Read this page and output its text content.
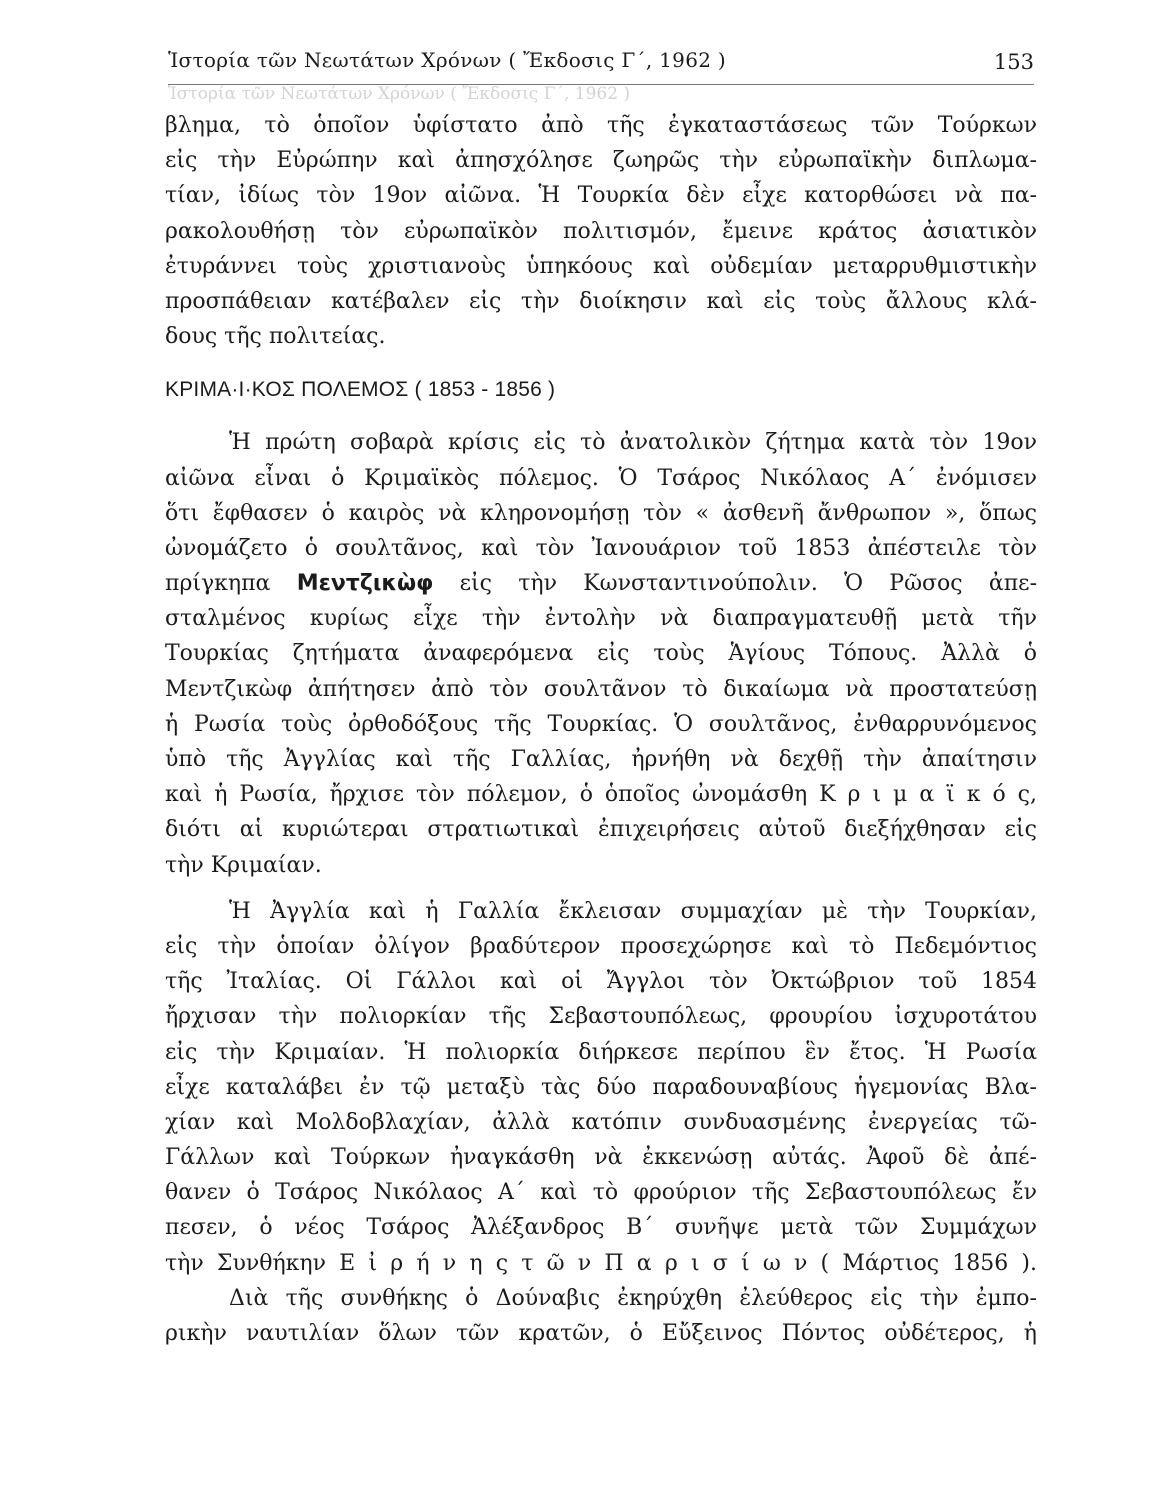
Ἱστορία τῶν Νεωτάτων Χρόνων ( Ἔκδοσις Γ΄, 1962 )	153
Ἱστορία τῶν Νεωτάτων Χρόνων ( Ἔκδοσις Γ΄, 1962 )
βλημα, τὸ ὁποῖον ὑφίστατο ἀπὸ τῆς ἐγκαταστάσεως τῶν Τούρκων
εἰς τὴν Εὐρώπην καὶ ἀπησχόλησε ζωηρῶς τὴν εὐρωπαϊκὴν διπλωμα-
τίαν, ἰδίως τὸν 19ον αἰῶνα. Ἡ Τουρκία δὲν εἶχε κατορθώσει νὰ πα-
ρακολουθήσῃ τὸν εὐρωπαϊκὸν πολιτισμόν, ἔμεινε κράτος ἀσιατικὸν
ἐτυράννει τοὺς χριστιανοὺς ὑπηκόους καὶ οὐδεμίαν μεταρρυθμιστικὴν
προσπάθειαν κατέβαλεν εἰς τὴν διοίκησιν καὶ εἰς τοὺς ἄλλους κλά-
δους τῆς πολιτείας.
ΚΡΙΜΑ·Ι·ΚΟΣ ΠΟΛΕΜΟΣ ( 1853 - 1856 )
Ἡ πρώτη σοβαρὰ κρίσις εἰς τὸ ἀνατολικὸν ζήτημα κατὰ τὸν 19ον
αἰῶνα εἶναι ὁ Κριμαϊκὸς πόλεμος. Ὁ Τσάρος Νικόλαος Α΄ ἐνόμισεν
ὅτι ἔφθασεν ὁ καιρὸς νὰ κληρονομήσῃ τὸν « ἀσθενῆ ἄνθρωπον », ὅπως
ὠνομάζετο ὁ σουλτᾶνος, καὶ τὸν Ἰανουάριον τοῦ 1853 ἀπέστειλε τὸν
πρίγκηπα Μεντζικὼφ εἰς τὴν Κωνσταντινούπολιν. Ὁ Ρῶσος ἀπε-
σταλμένος κυρίως εἶχε τὴν ἐντολὴν νὰ διαπραγματευθῇ μετὰ τῆν
Τουρκίας ζητήματα ἀναφερόμενα εἰς τοὺς Ἁγίους Τόπους. Ἀλλὰ ὁ
Μεντζικὼφ ἀπήτησεν ἀπὸ τὸν σουλτᾶνον τὸ δικαίωμα νὰ προστατεύσῃ
ἡ Ρωσία τοὺς ὀρθοδόξους τῆς Τουρκίας. Ὁ σουλτᾶνος, ἐνθαρρυνόμενος
ὑπὸ τῆς Ἀγγλίας καὶ τῆς Γαλλίας, ἠρνήθη νὰ δεχθῇ τὴν ἀπαίτησιν
καὶ ἡ Ρωσία, ἤρχισε τὸν πόλεμον, ὁ ὁποῖος ὠνομάσθη Κ ρ ι μ α ϊ κ ό ς,
διότι αἱ κυριώτεραι στρατιωτικαὶ ἐπιχειρήσεις αὐτοῦ διεξήχθησαν εἰς
τὴν Κριμαίαν.
Ἡ Ἀγγλία καὶ ἡ Γαλλία ἔκλεισαν συμμαχίαν μὲ τὴν Τουρκίαν,
εἰς τὴν ὁποίαν ὀλίγον βραδύτερον προσεχώρησε καὶ τὸ Πεδεμόντιος
τῆς Ἰταλίας. Οἱ Γάλλοι καὶ οἱ Ἄγγλοι τὸν Ὀκτώβριον τοῦ 1854
ἤρχισαν τὴν πολιορκίαν τῆς Σεβαστουπόλεως, φρουρίου ἰσχυροτάτου
εἰς τὴν Κριμαίαν. Ἡ πολιορκία διήρκεσε περίπου ἓν ἔτος. Ἡ Ρωσία
εἶχε καταλάβει ἐν τῷ μεταξὺ τὰς δύο παραδουναβίους ἡγεμονίας Βλα-
χίαν καὶ Μολδοβλαχίαν, ἀλλὰ κατόπιν συνδυασμένης ἐνεργείας τῶ-
Γάλλων καὶ Τούρκων ἠναγκάσθη νὰ ἐκκενώσῃ αὐτάς. Ἀφοῦ δὲ ἀπέ-
θανεν ὁ Τσάρος Νικόλαος Α΄ καὶ τὸ φρούριον τῆς Σεβαστουπόλεως ἔν
πεσεν, ὁ νέος Τσάρος Ἀλέξανδρος Β΄ συνῆψε μετὰ τῶν Συμμάχων
τὴν Συνθήκην Ε ἰ ρ ή ν η ς τ ῶ ν Π α ρ ι σ ί ω ν ( Μάρτιος 1856 ).
Διὰ τῆς συνθήκης ὁ Δούναβις ἐκηρύχθη ἐλεύθερος εἰς τὴν ἐμπο-
ρικὴν ναυτιλίαν ὅλων τῶν κρατῶν, ὁ Εὔξεινος Πόντος οὐδέτερος, ἡ
